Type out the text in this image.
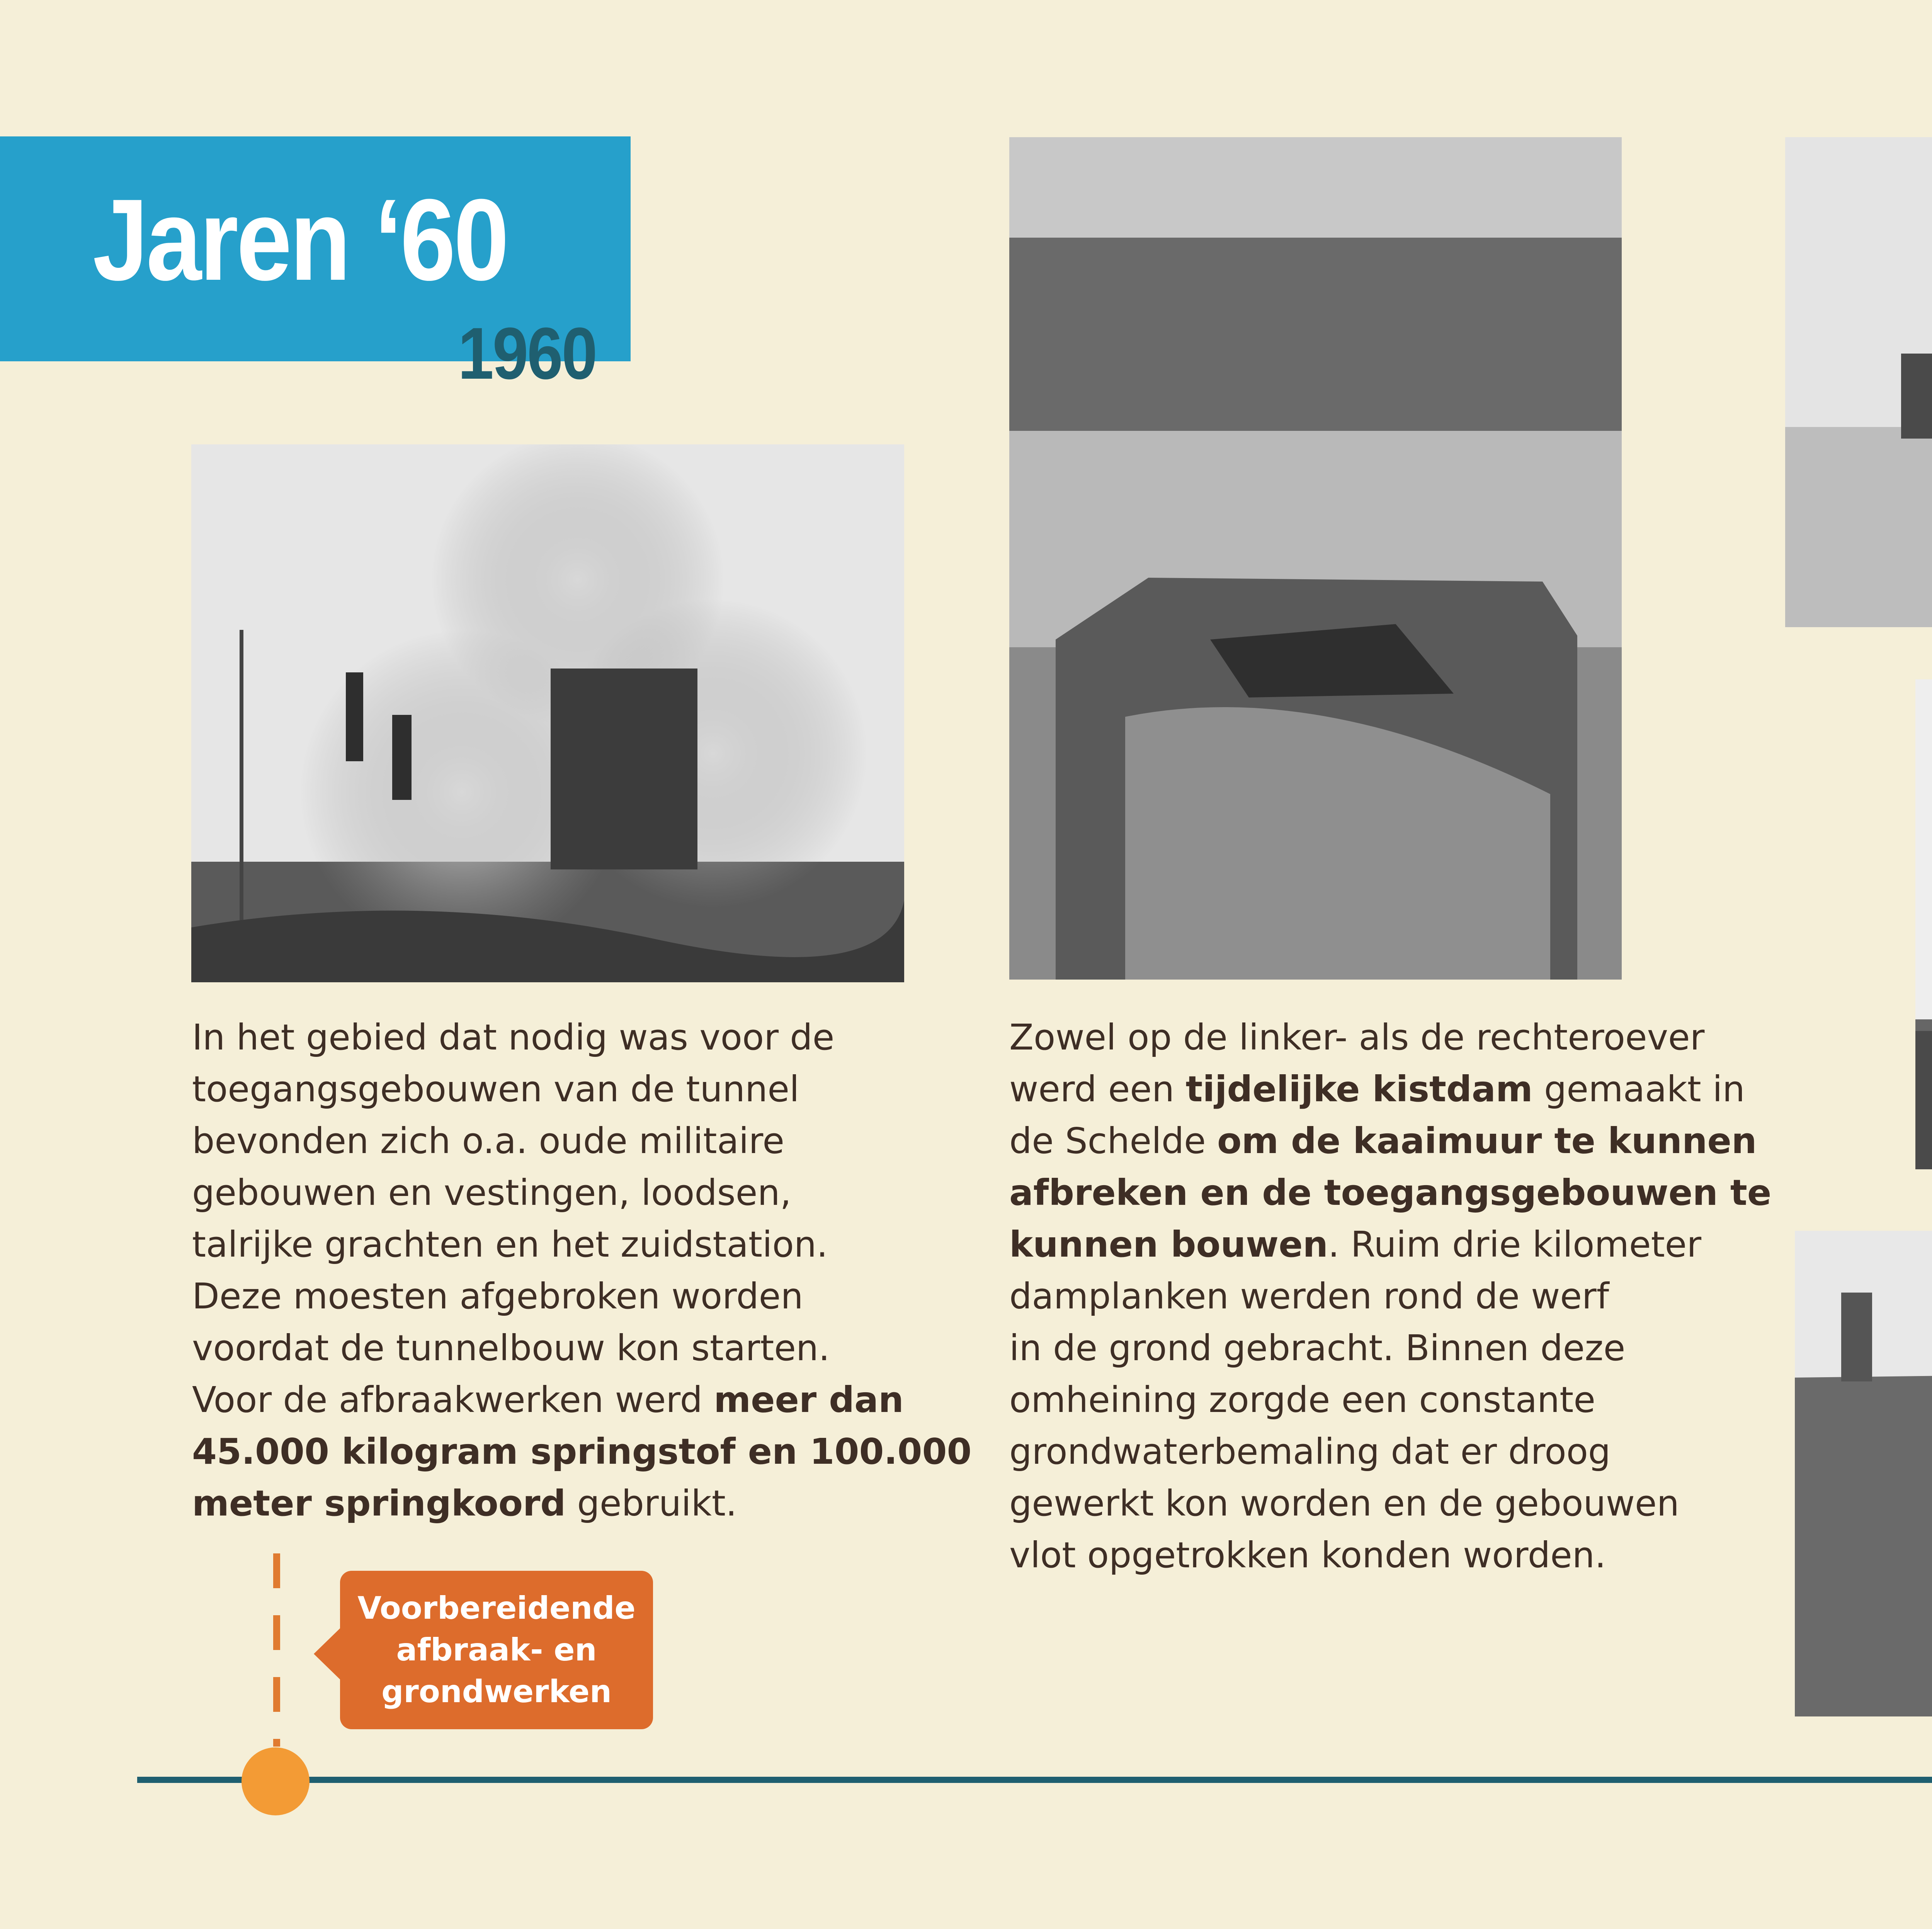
Jaren ‘60
1960

In het gebied dat nodig was voor de
toegangsgebouwen van de tunnel
bevonden zich o.a. oude militaire
gebouwen en vestingen, loodsen,
talrijke grachten en het zuidstation.
Deze moesten afgebroken worden
voordat de tunnelbouw kon starten.
Voor de afbraakwerken werd meer dan
45.000 kilogram springstof en 100.000
meter springkoord gebruikt.

Zowel op de linker- als de rechteroever
werd een tijdelijke kistdam gemaakt in
de Schelde om de kaaimuur te kunnen
afbreken en de toegangsgebouwen te
kunnen bouwen. Ruim drie kilometer
damplanken werden rond de werf
in de grond gebracht. Binnen deze
omheining zorgde een constante
grondwaterbemaling dat er droog
gewerkt kon worden en de gebouwen
vlot opgetrokken konden worden.

Voorbereidende
afbraak- en
grondwerken
